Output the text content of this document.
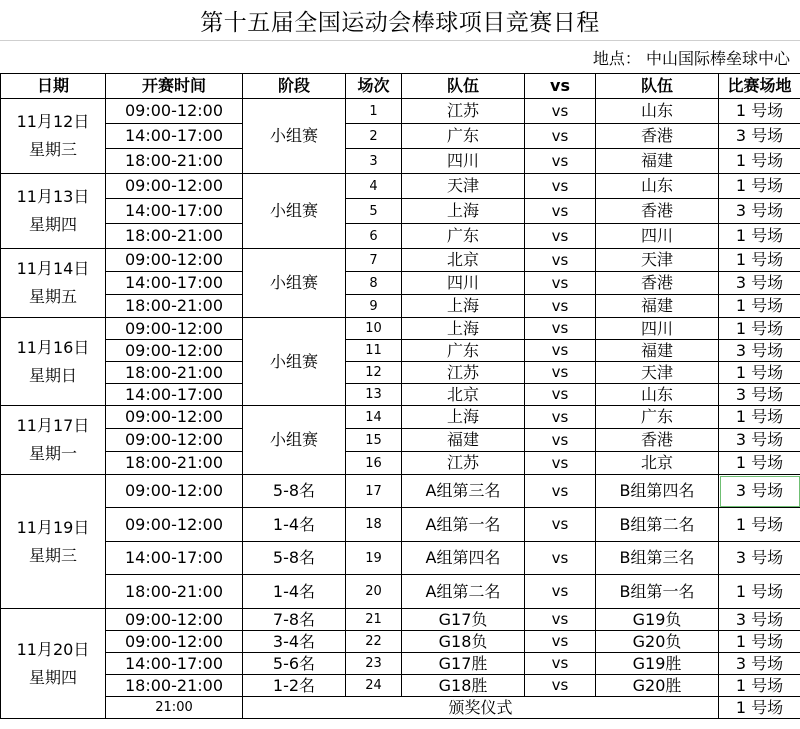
第十五届全国运动会棒球项目竞赛日程
地点： 中山国际棒垒球中心
日期	开赛时间	阶段	场次	队伍	vs	队伍	比赛场地
11月12日
星期三	09:00-12:00	小组赛	1	江苏	vs	山东	1 号场
	14:00-17:00		2	广东	vs	香港	3 号场
	18:00-21:00		3	四川	vs	福建	1 号场
11月13日
星期四	09:00-12:00	小组赛	4	天津	vs	山东	1 号场
	14:00-17:00		5	上海	vs	香港	3 号场
	18:00-21:00		6	广东	vs	四川	1 号场
11月14日
星期五	09:00-12:00	小组赛	7	北京	vs	天津	1 号场
	14:00-17:00		8	四川	vs	香港	3 号场
	18:00-21:00		9	上海	vs	福建	1 号场
11月16日
星期日	09:00-12:00	小组赛	10	上海	vs	四川	1 号场
	09:00-12:00		11	广东	vs	福建	3 号场
	18:00-21:00		12	江苏	vs	天津	1 号场
	14:00-17:00		13	北京	vs	山东	3 号场
11月17日
星期一	09:00-12:00	小组赛	14	上海	vs	广东	1 号场
	09:00-12:00		15	福建	vs	香港	3 号场
	18:00-21:00		16	江苏	vs	北京	1 号场
11月19日
星期三	09:00-12:00	5-8名	17	A组第三名	vs	B组第四名	3 号场
	09:00-12:00	1-4名	18	A组第一名	vs	B组第二名	1 号场
	14:00-17:00	5-8名	19	A组第四名	vs	B组第三名	3 号场
	18:00-21:00	1-4名	20	A组第二名	vs	B组第一名	1 号场
11月20日
星期四	09:00-12:00	7-8名	21	G17负	vs	G19负	3 号场
	09:00-12:00	3-4名	22	G18负	vs	G20负	1 号场
	14:00-17:00	5-6名	23	G17胜	vs	G19胜	3 号场
	18:00-21:00	1-2名	24	G18胜	vs	G20胜	1 号场
	21:00	颁奖仪式					1 号场
